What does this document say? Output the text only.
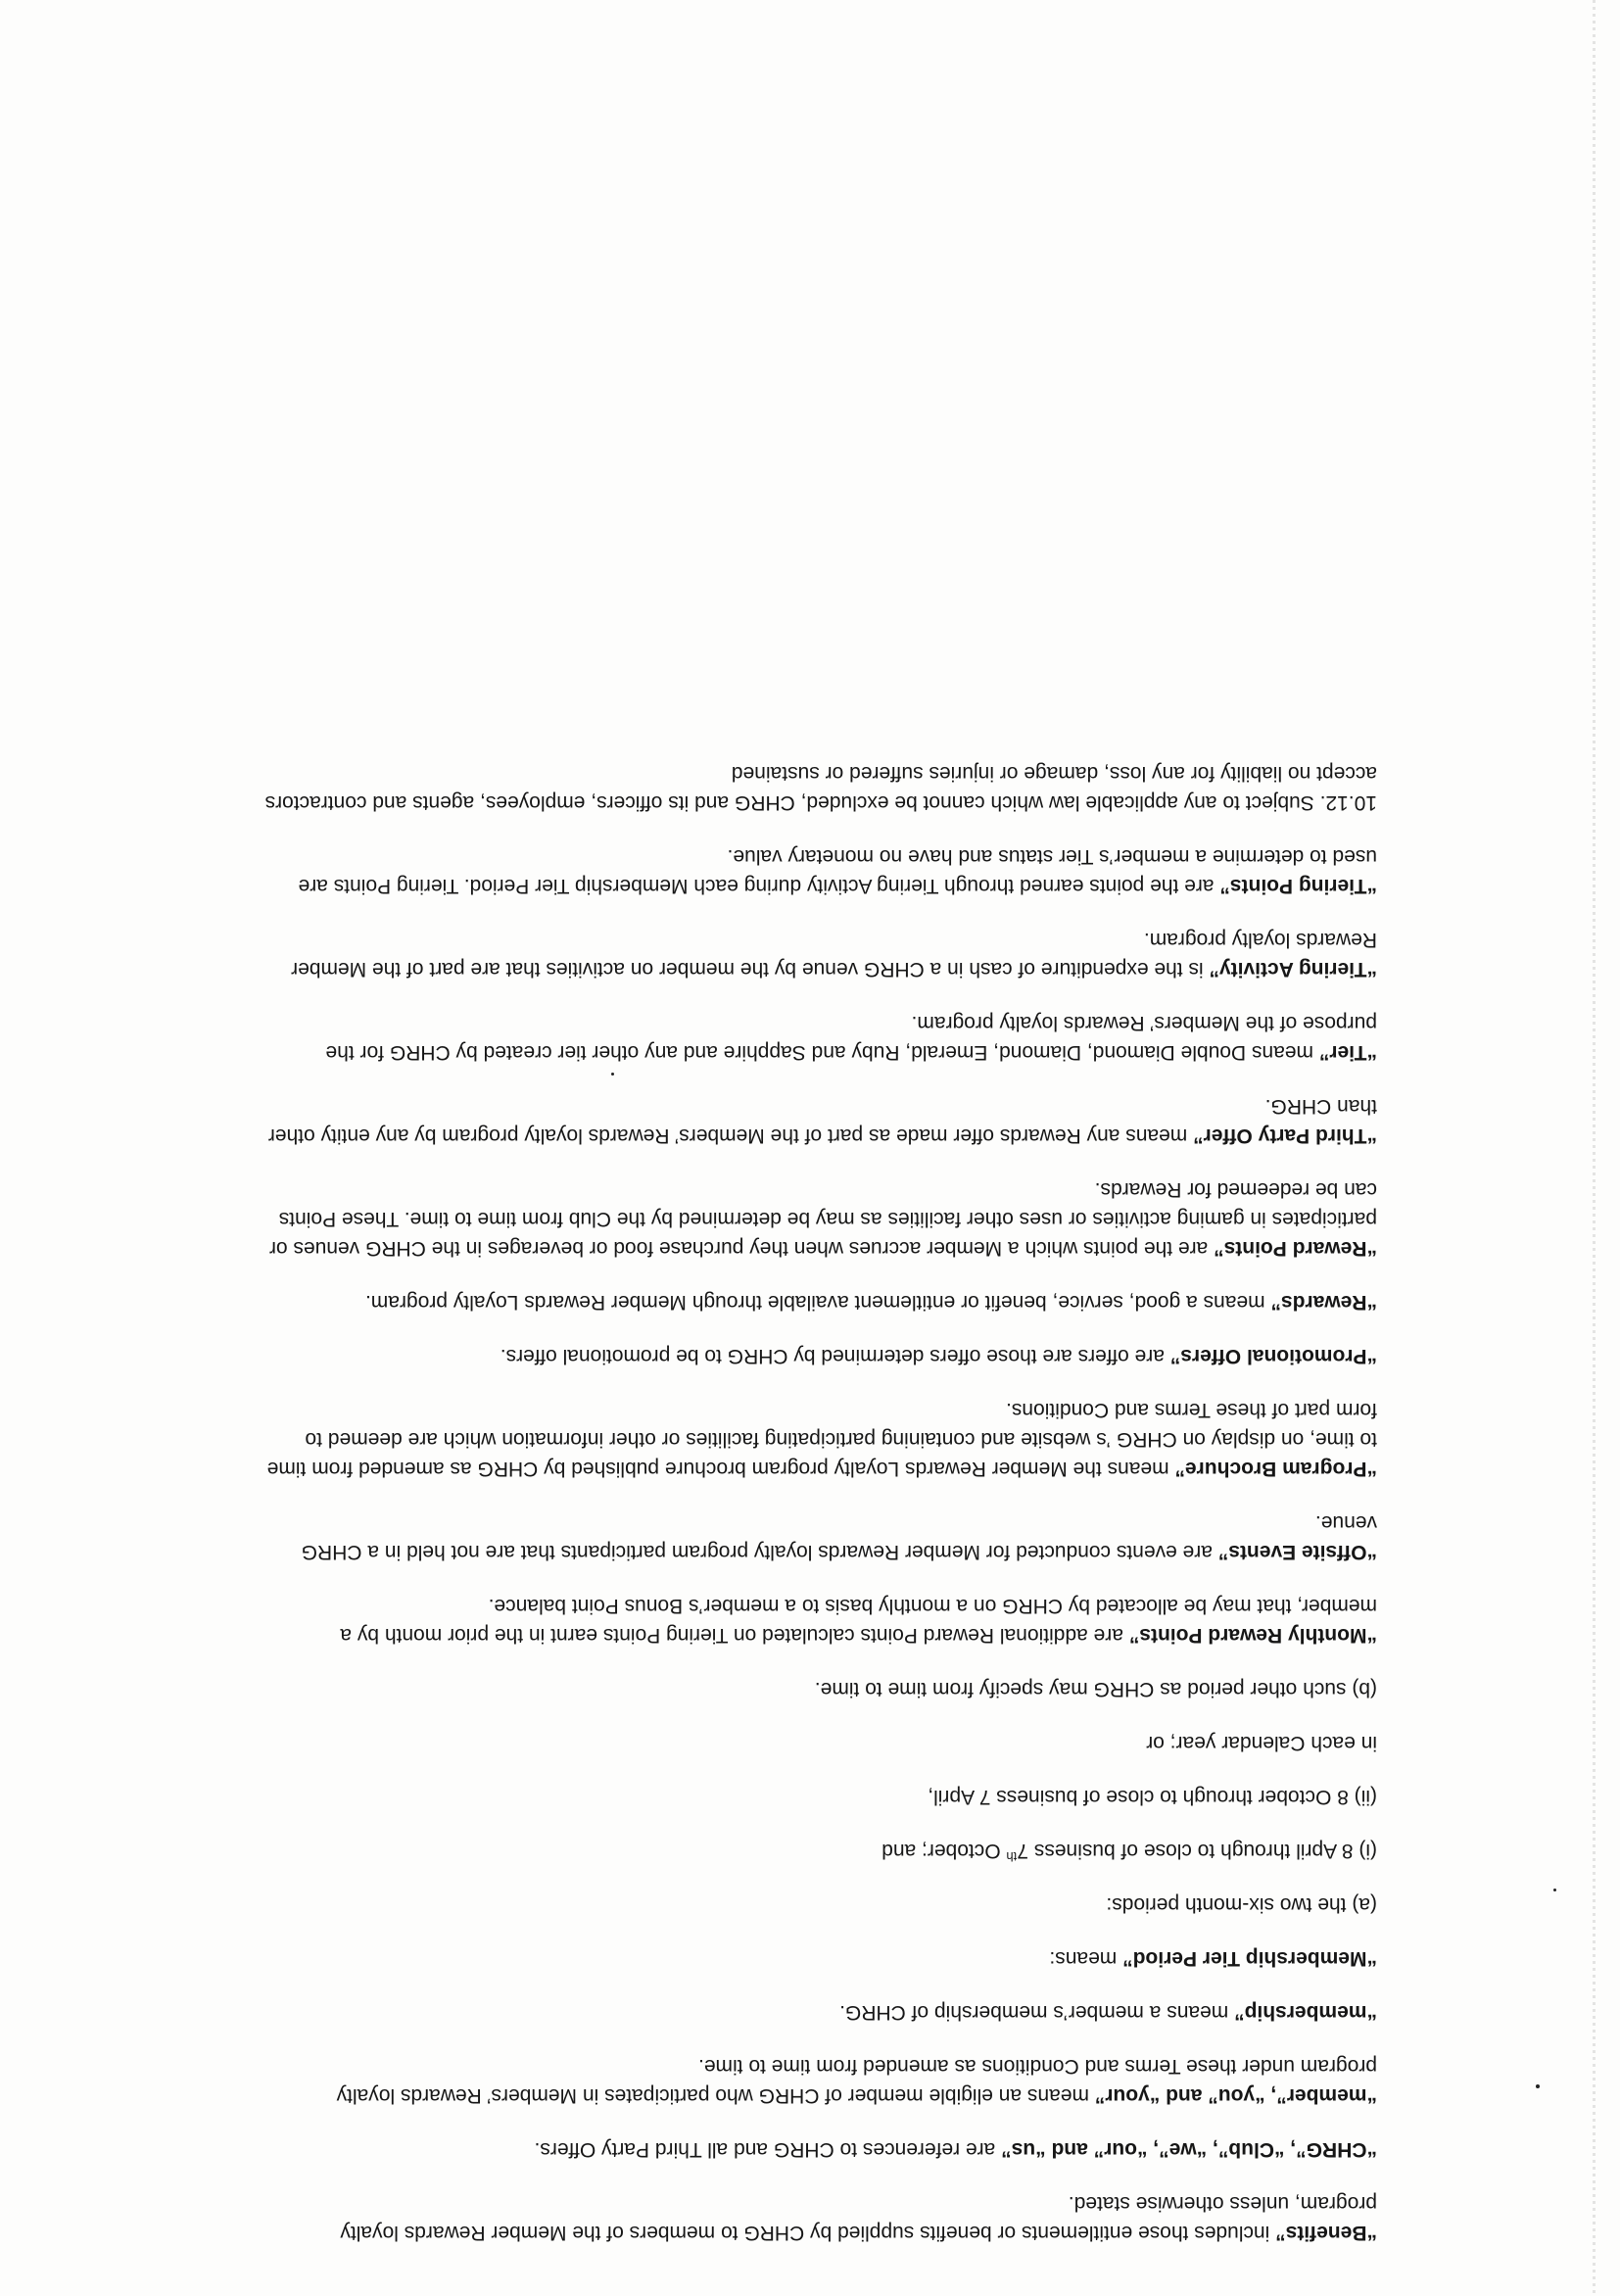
“Benefits” includes those entitlements or benefits supplied by CHRG to members of the Member Rewards loyalty program, unless otherwise stated.

“CHRG”, “Club”, “we”, “our” and “us” are references to CHRG and all Third Party Offers.

“member”, “you” and “your” means an eligible member of CHRG who participates in Members’ Rewards loyalty program under these Terms and Conditions as amended from time to time.

“membership” means a member’s membership of CHRG.

“Membership Tier Period” means:

(a) the two six-month periods:

(i) 8 April through to close of business 7th October; and

(ii) 8 October through to close of business 7 April,

in each Calendar year; or

(b) such other period as CHRG may specify from time to time.

“Monthly Reward Points” are additional Reward Points calculated on Tiering Points earnt in the prior month by a member, that may be allocated by CHRG on a monthly basis to a member’s Bonus Point balance.

“Offsite Events” are events conducted for Member Rewards loyalty program participants that are not held in a CHRG venue.

“Program Brochure” means the Member Rewards Loyalty program brochure published by CHRG as amended from time to time, on display on CHRG ’s website and containing participating facilities or other information which are deemed to form part of these Terms and Conditions.

“Promotional Offers” are offers are those offers determined by CHRG to be promotional offers.

“Rewards” means a good, service, benefit or entitlement available through Member Rewards Loyalty program.

“Reward Points” are the points which a Member accrues when they purchase food or beverages in the CHRG venues or participates in gaming activities or uses other facilities as may be determined by the Club from time to time. These Points can be redeemed for Rewards.

“Third Party Offer” means any Rewards offer made as part of the Members’ Rewards loyalty program by any entity other than CHRG.

“Tier” means Double Diamond, Diamond, Emerald, Ruby and Sapphire and any other tier created by CHRG for the purpose of the Members’ Rewards loyalty program.

“Tiering Activity” is the expenditure of cash in a CHRG venue by the member on activities that are part of the Member Rewards loyalty program.

“Tiering Points” are the points earned through Tiering Activity during each Membership Tier Period. Tiering Points are used to determine a member’s Tier status and have no monetary value.

10.12. Subject to any applicable law which cannot be excluded, CHRG and its officers, employees, agents and contractors accept no liability for any loss, damage or injuries suffered or sustained
